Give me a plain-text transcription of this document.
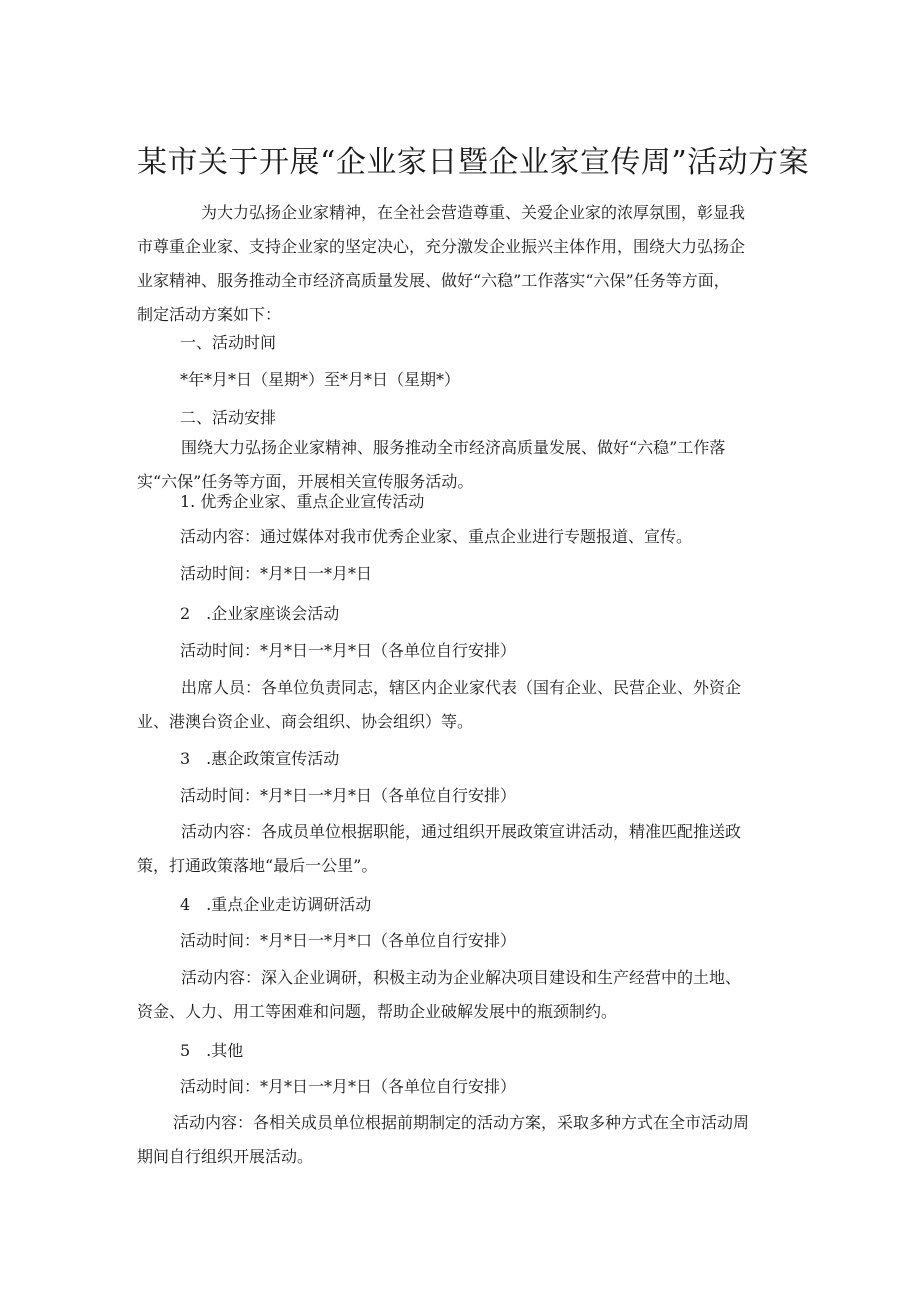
某市关于开展“企业家日暨企业家宣传周”活动方案
为大力弘扬企业家精神，在全社会营造尊重、关爱企业家的浓厚氛围，彰显我
市尊重企业家、支持企业家的坚定决心，充分激发企业振兴主体作用，围绕大力弘扬企
业家精神、服务推动全市经济高质量发展、做好“六稳”工作落实“六保”任务等方面，
制定活动方案如下：
一、活动时间
*年*月*日（星期*）至*月*日（星期*）
二、活动安排
围绕大力弘扬企业家精神、服务推动全市经济高质量发展、做好“六稳”工作落
实“六保”任务等方面，开展相关宣传服务活动。
1. 优秀企业家、重点企业宣传活动
活动内容：通过媒体对我市优秀企业家、重点企业进行专题报道、宣传。
活动时间：*月*日一*月*日
2　.企业家座谈会活动
活动时间：*月*日一*月*日（各单位自行安排）
出席人员：各单位负责同志，辖区内企业家代表（国有企业、民营企业、外资企
业、港澳台资企业、商会组织、协会组织）等。
3　.惠企政策宣传活动
活动时间：*月*日一*月*日（各单位自行安排）
活动内容：各成员单位根据职能，通过组织开展政策宣讲活动，精准匹配推送政
策，打通政策落地“最后一公里”。
4　.重点企业走访调研活动
活动时间：*月*日一*月*口（各单位自行安排）
活动内容：深入企业调研，积极主动为企业解决项目建设和生产经营中的土地、
资金、人力、用工等困难和问题，帮助企业破解发展中的瓶颈制约。
5　.其他
活动时间：*月*日一*月*日（各单位自行安排）
活动内容：各相关成员单位根据前期制定的活动方案，采取多种方式在全市活动周
期间自行组织开展活动。
